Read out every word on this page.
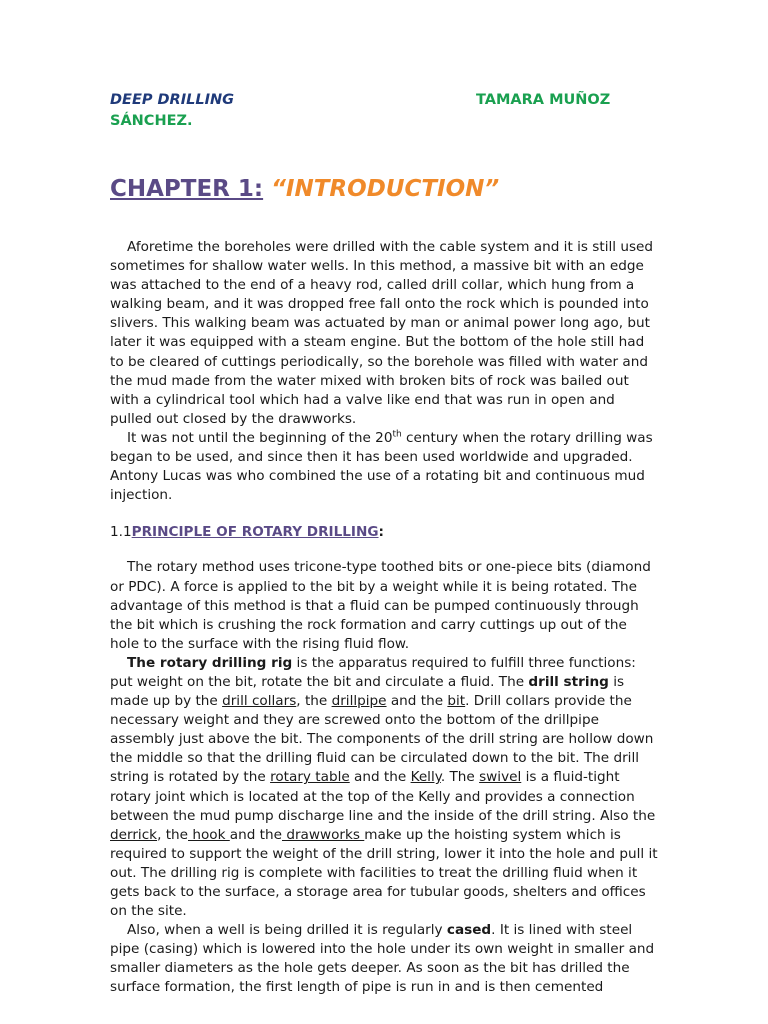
DEEP DRILLING	TAMARA MUÑOZ
SÁNCHEZ.
CHAPTER 1: “INTRODUCTION”

Aforetime the boreholes were drilled with the cable system and it is still used sometimes for shallow water wells. In this method, a massive bit with an edge was attached to the end of a heavy rod, called drill collar, which hung from a walking beam, and it was dropped free fall onto the rock which is pounded into slivers. This walking beam was actuated by man or animal power long ago, but later it was equipped with a steam engine. But the bottom of the hole still had to be cleared of cuttings periodically, so the borehole was filled with water and the mud made from the water mixed with broken bits of rock was bailed out with a cylindrical tool which had a valve like end that was run in open and pulled out closed by the drawworks.

It was not until the beginning of the 20th century when the rotary drilling was began to be used, and since then it has been used worldwide and upgraded. Antony Lucas was who combined the use of a rotating bit and continuous mud injection.

1.1PRINCIPLE OF ROTARY DRILLING:

The rotary method uses tricone-type toothed bits or one-piece bits (diamond or PDC). A force is applied to the bit by a weight while it is being rotated. The advantage of this method is that a fluid can be pumped continuously through the bit which is crushing the rock formation and carry cuttings up out of the hole to the surface with the rising fluid flow.

The rotary drilling rig is the apparatus required to fulfill three functions: put weight on the bit, rotate the bit and circulate a fluid. The drill string is made up by the drill collars, the drillpipe and the bit. Drill collars provide the necessary weight and they are screwed onto the bottom of the drillpipe assembly just above the bit. The components of the drill string are hollow down the middle so that the drilling fluid can be circulated down to the bit. The drill string is rotated by the rotary table and the Kelly. The swivel is a fluid-tight rotary joint which is located at the top of the Kelly and provides a connection between the mud pump discharge line and the inside of the drill string. Also the derrick, the hook and the drawworks make up the hoisting system which is required to support the weight of the drill string, lower it into the hole and pull it out. The drilling rig is complete with facilities to treat the drilling fluid when it gets back to the surface, a storage area for tubular goods, shelters and offices on the site.

Also, when a well is being drilled it is regularly cased. It is lined with steel pipe (casing) which is lowered into the hole under its own weight in smaller and smaller diameters as the hole gets deeper. As soon as the bit has drilled the surface formation, the first length of pipe is run in and is then cemented
